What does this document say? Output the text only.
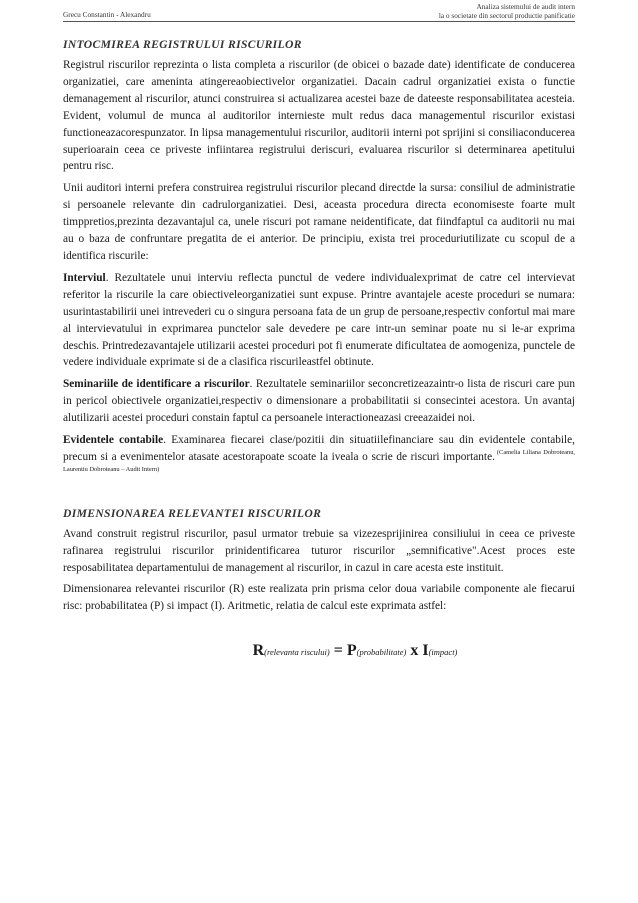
Grecu Constantin - Alexandru
Analiza sistemului de audit intern
la o societate din sectorul productie panificatie
INTOCMIREA REGISTRULUI RISCURILOR

Registrul riscurilor reprezinta o lista completa a riscurilor (de obicei o bazade date) identificate de conducerea organizatiei, care ameninta atingereaobiectivelor organizatiei. Dacain cadrul organizatiei exista o functie demanagement al riscurilor, atunci construirea si actualizarea acestei baze de dateeste responsabilitatea acesteia. Evident, volumul de munca al auditorilor internieste mult redus daca managementul riscurilor existasi functioneazacorespunzator. In lipsa managementului riscurilor, auditorii interni pot sprijini si consiliaconducerea superioarain ceea ce priveste infiintarea registrului deriscuri, evaluarea riscurilor si determinarea apetitului pentru risc.

Unii auditori interni prefera construirea registrului riscurilor plecand directde la sursa: consiliul de administratie si persoanele relevante din cadrulorganizatiei. Desi, aceasta procedura directa economiseste foarte mult timppretios,prezinta dezavantajul ca, unele riscuri pot ramane neidentificate, dat fiindfaptul ca auditorii nu mai au o baza de confruntare pregatita de ei anterior. De principiu, exista trei proceduriutilizate cu scopul de a identifica riscurile:

Interviul. Rezultatele unui interviu reflecta punctul de vedere individualexprimat de catre cel intervievat referitor la riscurile la care obiectiveleorganizatiei sunt expuse. Printre avantajele aceste proceduri se numara: usurintastabilirii unei intrevederi cu o singura persoana fata de un grup de persoane,respectiv confortul mai mare al intervievatului in exprimarea punctelor sale devedere pe care intr-un seminar poate nu si le-ar exprima deschis. Printredezavantajele utilizarii acestei proceduri pot fi enumerate dificultatea de aomogeniza, punctele de vedere individuale exprimate si de a clasifica riscurileastfel obtinute.

Seminariile de identificare a riscurilor. Rezultatele seminariilor seconcretizeazaintr-o lista de riscuri care pun in pericol obiectivele organizatiei,respectiv o dimensionare a probabilitatii si consecintei acestora. Un avantaj alutilizarii acestei proceduri constain faptul ca persoanele interactioneazasi creeazaidei noi.

Evidentele contabile. Examinarea fiecarei clase/pozitii din situatiilefinanciare sau din evidentele contabile, precum si a evenimentelor atasate acestorapoate scoate la iveala o scrie de riscuri importante. $^{(Camelia Liliana Dobroteanu, Laurentiu Dobroteanu - Audit Intern)}$

DIMENSIONAREA RELEVANTEI RISCURILOR

Avand construit registrul riscurilor, pasul urmator trebuie sa vizezesprijinirea consiliului in ceea ce priveste rafinarea registrului riscurilor prinidentificarea tuturor riscurilor „semnificative".Acest proces este resposabilitatea departamentului de management al riscurilor, in cazul in care acesta este instituit.

Dimensionarea relevantei riscurilor (R) este realizata prin prisma celor doua variabile componente ale fiecarui risc: probabilitatea (P) si impact (I). Aritmetic, relatia de calcul este exprimata astfel:

R(relevanta riscului) = P(probabilitate) x I(impact)
